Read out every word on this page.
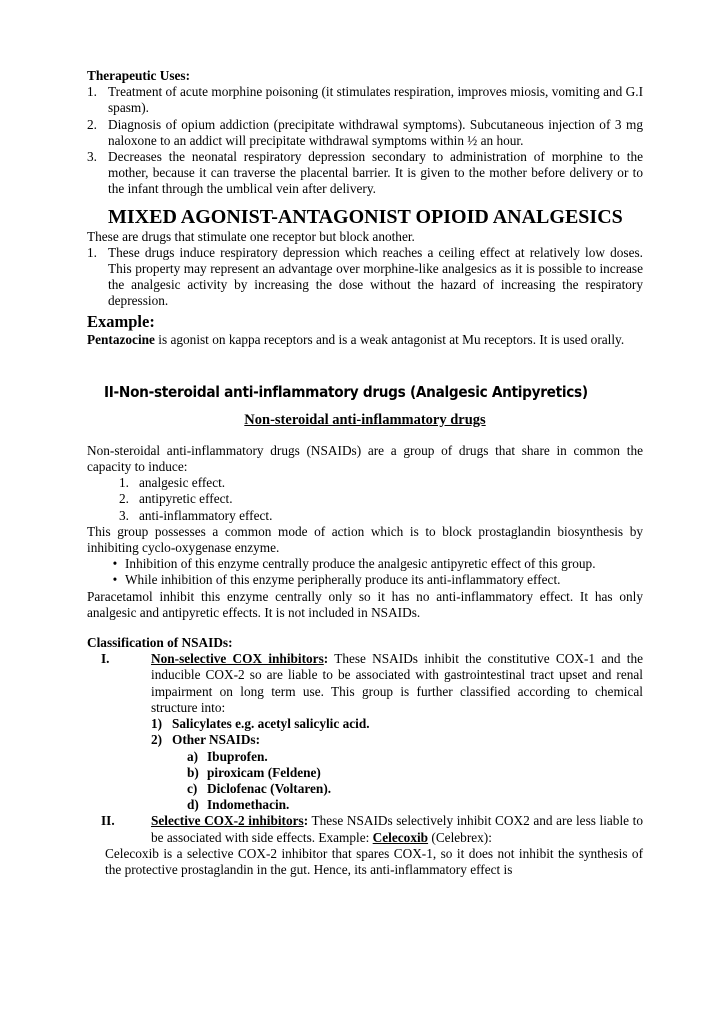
Therapeutic Uses:

1. Treatment of acute morphine poisoning (it stimulates respiration, improves miosis, vomiting and G.I spasm).
2. Diagnosis of opium addiction (precipitate withdrawal symptoms). Subcutaneous injection of 3 mg naloxone to an addict will precipitate withdrawal symptoms within ½ an hour.
3. Decreases the neonatal respiratory depression secondary to administration of morphine to the mother, because it can traverse the placental barrier. It is given to the mother before delivery or to the infant through the umblical vein after delivery.

MIXED AGONIST-ANTAGONIST OPIOID ANALGESICS

These are drugs that stimulate one receptor but block another.

1. These drugs induce respiratory depression which reaches a ceiling effect at relatively low doses. This property may represent an advantage over morphine-like analgesics as it is possible to increase the analgesic activity by increasing the dose without the hazard of increasing the respiratory depression.

Example:

Pentazocine is agonist on kappa receptors and is a weak antagonist at Mu receptors. It is used orally.

II-Non-steroidal anti-inflammatory drugs (Analgesic Antipyretics)

Non-steroidal anti-inflammatory drugs

Non-steroidal anti-inflammatory drugs (NSAIDs) are a group of drugs that share in common the capacity to induce:

1. analgesic effect.
2. antipyretic effect.
3. anti-inflammatory effect.

This group possesses a common mode of action which is to block prostaglandin biosynthesis by inhibiting cyclo-oxygenase enzyme.

• Inhibition of this enzyme centrally produce the analgesic antipyretic effect of this group.
• While inhibition of this enzyme peripherally produce its anti-inflammatory effect.

Paracetamol inhibit this enzyme centrally only so it has no anti-inflammatory effect. It has only analgesic and antipyretic effects. It is not included in NSAIDs.

Classification of NSAIDs:

I.	Non-selective COX inhibitors: These NSAIDs inhibit the constitutive COX-1 and the inducible COX-2 so are liable to be associated with gastrointestinal tract upset and renal impairment on long term use. This group is further classified according to chemical structure into:
1) Salicylates e.g. acetyl salicylic acid.
2) Other NSAIDs:
a) Ibuprofen.
b) piroxicam (Feldene)
c) Diclofenac (Voltaren).
d) Indomethacin.
II.	Selective COX-2 inhibitors: These NSAIDs selectively inhibit COX2 and are less liable to be associated with side effects. Example: Celecoxib (Celebrex):

Celecoxib is a selective COX-2 inhibitor that spares COX-1, so it does not inhibit the synthesis of the protective prostaglandin in the gut. Hence, its anti-inflammatory effect is
